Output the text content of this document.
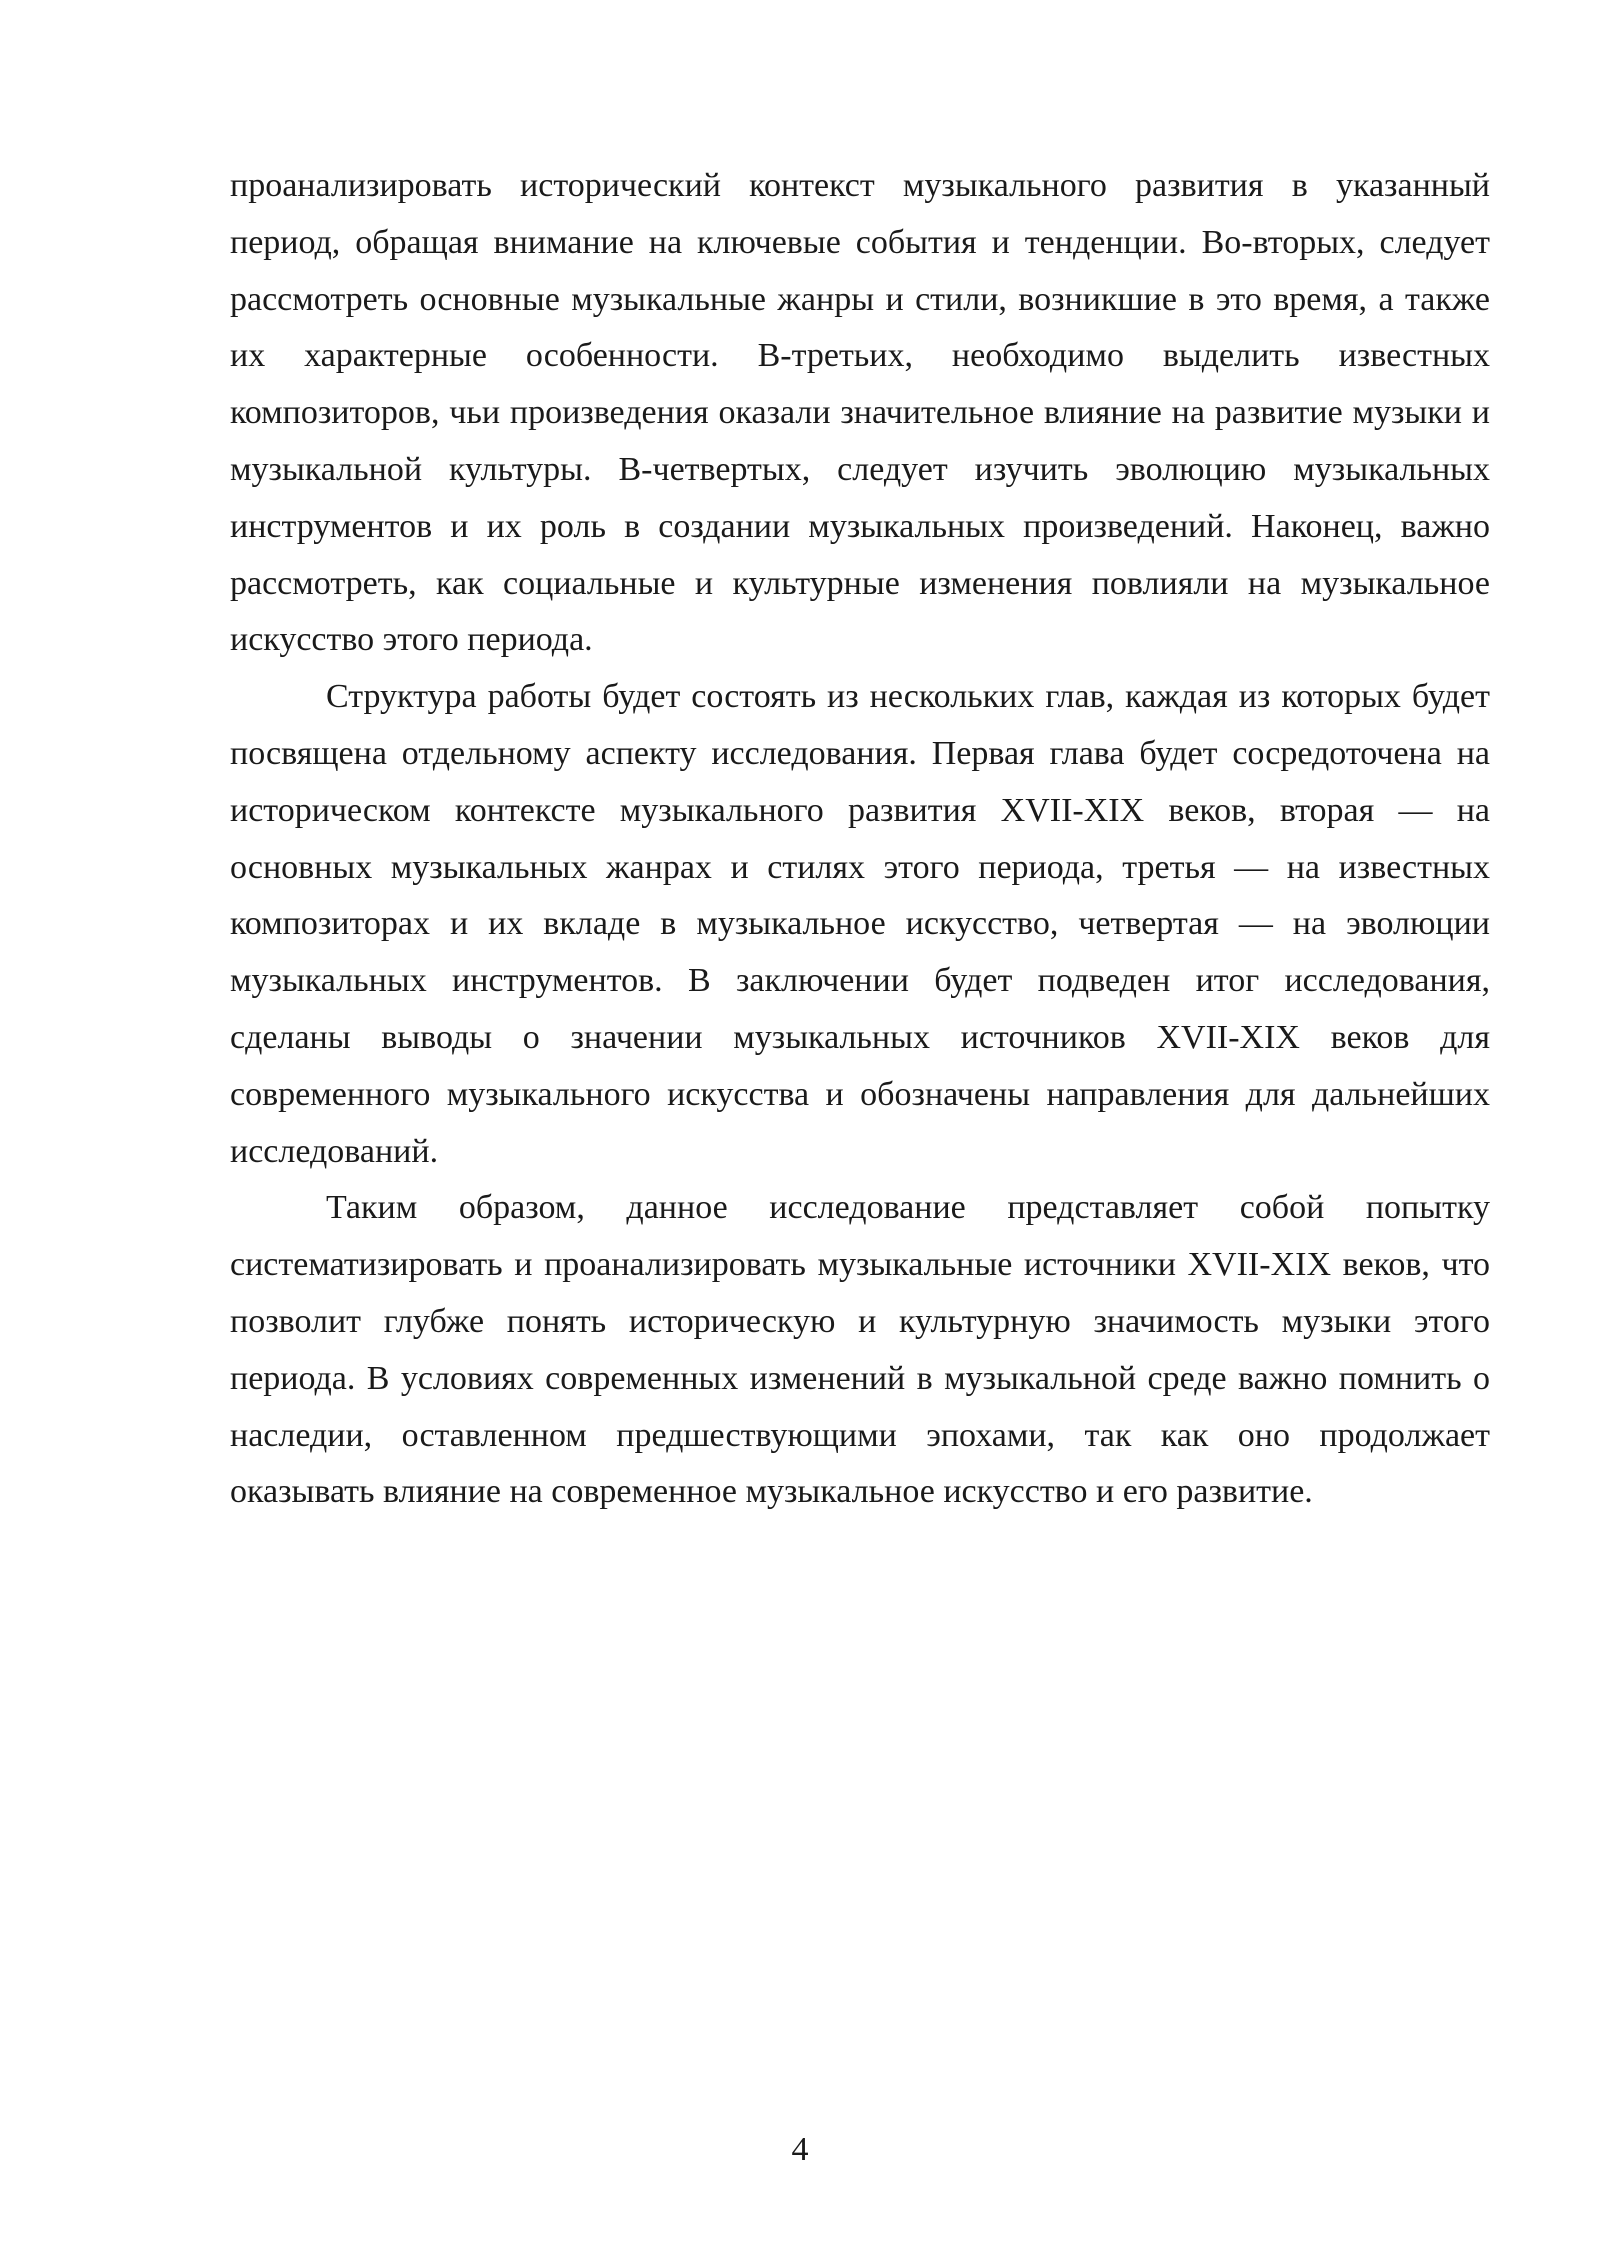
проанализировать исторический контекст музыкального развития в указанный период, обращая внимание на ключевые события и тенденции. Во-вторых, следует рассмотреть основные музыкальные жанры и стили, возникшие в это время, а также их характерные особенности. В-третьих, необходимо выделить известных композиторов, чьи произведения оказали значительное влияние на развитие музыки и музыкальной культуры. В-четвертых, следует изучить эволюцию музыкальных инструментов и их роль в создании музыкальных произведений. Наконец, важно рассмотреть, как социальные и культурные изменения повлияли на музыкальное искусство этого периода.

Структура работы будет состоять из нескольких глав, каждая из которых будет посвящена отдельному аспекту исследования. Первая глава будет сосредоточена на историческом контексте музыкального развития XVII-XIX веков, вторая — на основных музыкальных жанрах и стилях этого периода, третья — на известных композиторах и их вкладе в музыкальное искусство, четвертая — на эволюции музыкальных инструментов. В заключении будет подведен итог исследования, сделаны выводы о значении музыкальных источников XVII-XIX веков для современного музыкального искусства и обозначены направления для дальнейших исследований.

Таким образом, данное исследование представляет собой попытку систематизировать и проанализировать музыкальные источники XVII-XIX веков, что позволит глубже понять историческую и культурную значимость музыки этого периода. В условиях современных изменений в музыкальной среде важно помнить о наследии, оставленном предшествующими эпохами, так как оно продолжает оказывать влияние на современное музыкальное искусство и его развитие.

4
